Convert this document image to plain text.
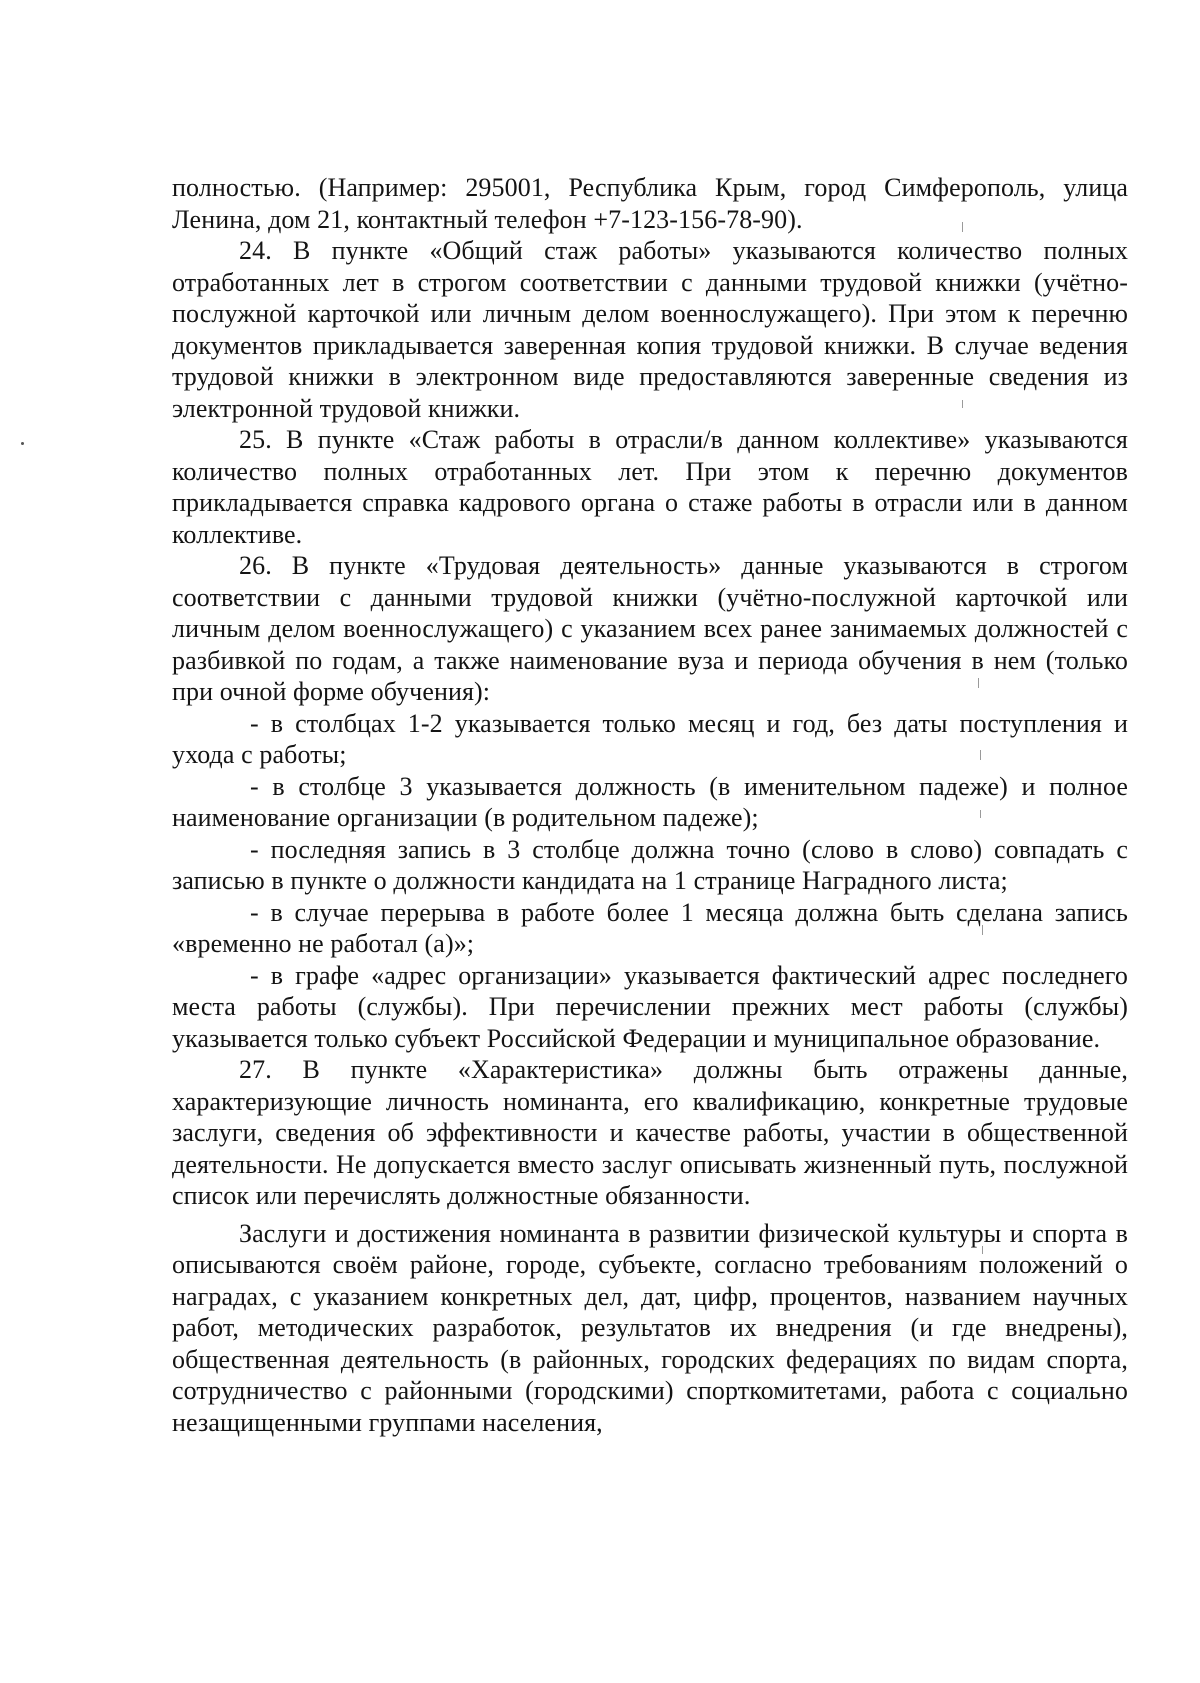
полностью. (Например: 295001, Республика Крым, город Симферополь, улица Ленина, дом 21, контактный телефон +7-123-156-78-90).

24. В пункте «Общий стаж работы» указываются количество полных отработанных лет в строгом соответствии с данными трудовой книжки (учётно-послужной карточкой или личным делом военнослужащего). При этом к перечню документов прикладывается заверенная копия трудовой книжки. В случае ведения трудовой книжки в электронном виде предоставляются заверенные сведения из электронной трудовой книжки.

25. В пункте «Стаж работы в отрасли/в данном коллективе» указываются количество полных отработанных лет. При этом к перечню документов прикладывается справка кадрового органа о стаже работы в отрасли или в данном коллективе.

26. В пункте «Трудовая деятельность» данные указываются в строгом соответствии с данными трудовой книжки (учётно-послужной карточкой или личным делом военнослужащего) с указанием всех ранее занимаемых должностей с разбивкой по годам, а также наименование вуза и периода обучения в нем (только при очной форме обучения):

- в столбцах 1-2 указывается только месяц и год, без даты поступления и ухода с работы;

- в столбце 3 указывается должность (в именительном падеже) и полное наименование организации (в родительном падеже);

- последняя запись в 3 столбце должна точно (слово в слово) совпадать с записью в пункте о должности кандидата на 1 странице Наградного листа;

- в случае перерыва в работе более 1 месяца должна быть сделана запись «временно не работал (а)»;

- в графе «адрес организации» указывается фактический адрес последнего места работы (службы). При перечислении прежних мест работы (службы) указывается только субъект Российской Федерации и муниципальное образование.

27. В пункте «Характеристика» должны быть отражены данные, характеризующие личность номинанта, его квалификацию, конкретные трудовые заслуги, сведения об эффективности и качестве работы, участии в общественной деятельности. Не допускается вместо заслуг описывать жизненный путь, послужной список или перечислять должностные обязанности.

Заслуги и достижения номинанта в развитии физической культуры и спорта в описываются своём районе, городе, субъекте, согласно требованиям положений о наградах, с указанием конкретных дел, дат, цифр, процентов, названием научных работ, методических разработок, результатов их внедрения (и где внедрены), общественная деятельность (в районных, городских федерациях по видам спорта, сотрудничество с районными (городскими) спорткомитетами, работа с социально незащищенными группами населения,
